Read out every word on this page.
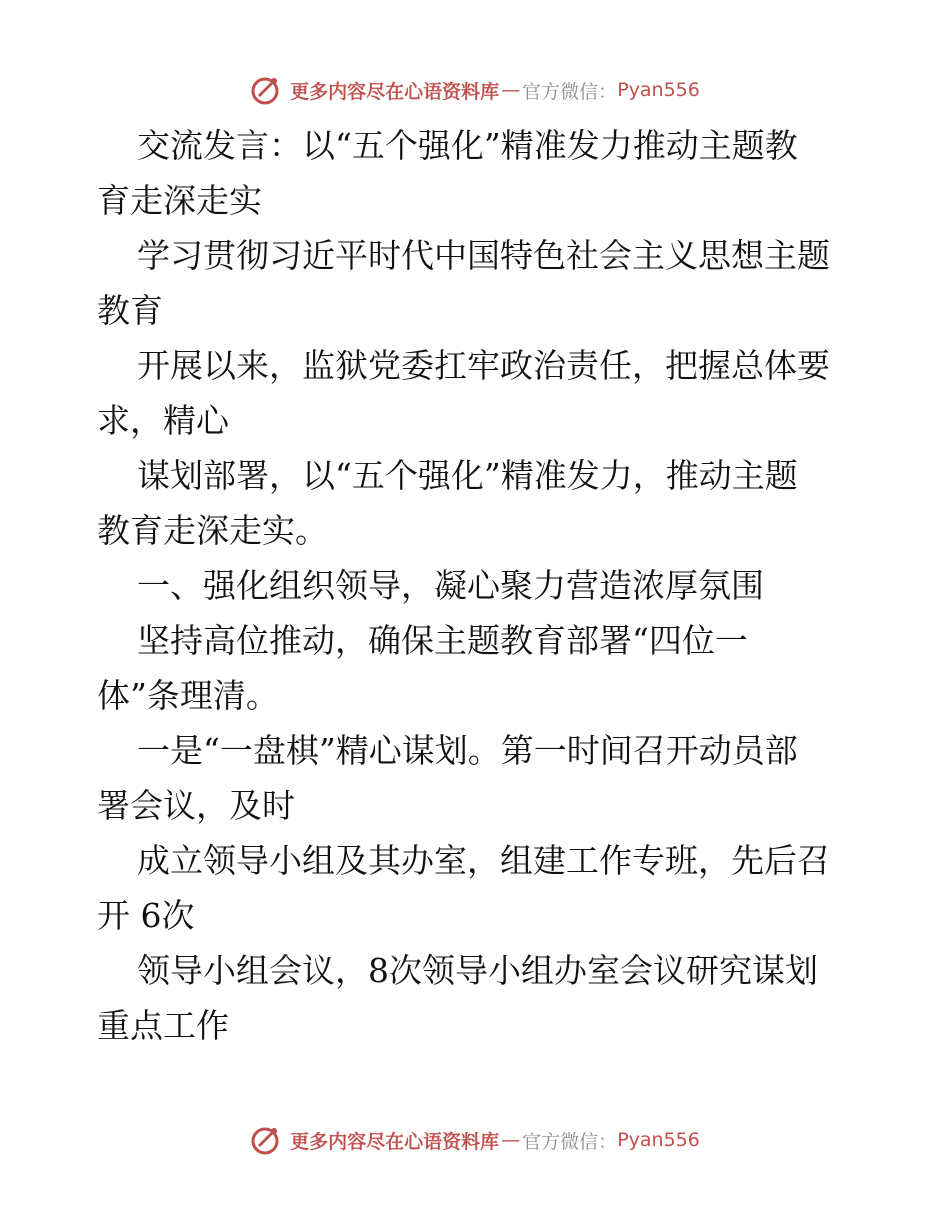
更多内容尽在心语资料库 — 官方微信： Pyan556

交流发言：以“五个强化”精准发力推动主题教

育走深走实

学习贯彻习近平时代中国特色社会主义思想主题

教育

开展以来，监狱党委扛牢政治责任，把握总体要

求，精心

谋划部署，以“五个强化”精准发力，推动主题

教育走深走实。

一、强化组织领导，凝心聚力营造浓厚氛围

坚持高位推动，确保主题教育部署“四位一

体”条理清。

一是“一盘棋”精心谋划。第一时间召开动员部

署会议，及时

成立领导小组及其办室，组建工作专班，先后召

开 6次

领导小组会议，8次领导小组办室会议研究谋划

重点工作

更多内容尽在心语资料库 — 官方微信： Pyan556
